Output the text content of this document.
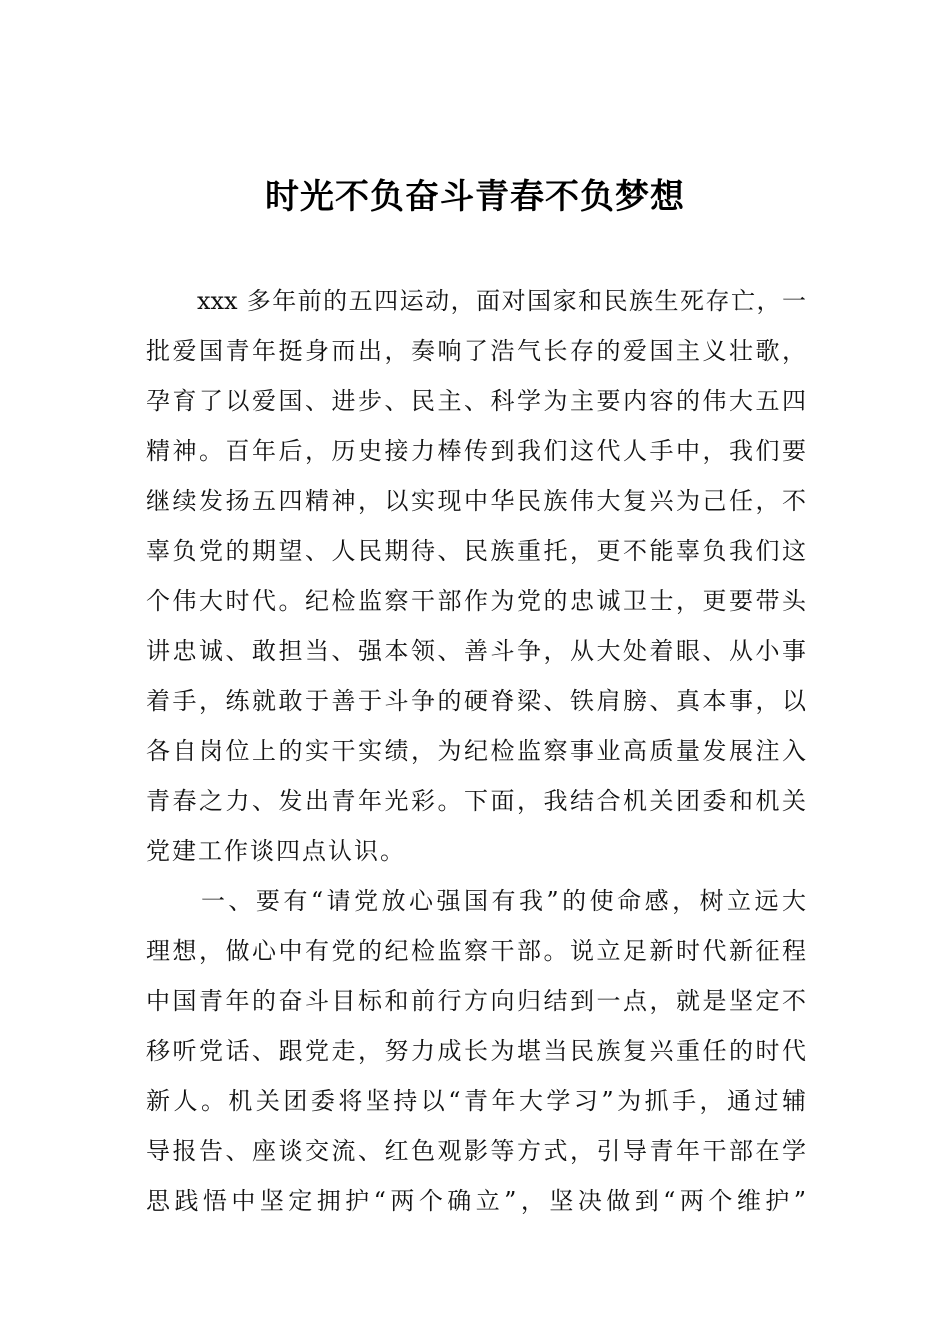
时光不负奋斗青春不负梦想
　　xxx 多年前的五四运动，面对国家和民族生死存亡，一
批爱国青年挺身而出，奏响了浩气长存的爱国主义壮歌，
孕育了以爱国、进步、民主、科学为主要内容的伟大五四
精神。百年后，历史接力棒传到我们这代人手中，我们要
继续发扬五四精神，以实现中华民族伟大复兴为己任，不
辜负党的期望、人民期待、民族重托，更不能辜负我们这
个伟大时代。纪检监察干部作为党的忠诚卫士，更要带头
讲忠诚、敢担当、强本领、善斗争，从大处着眼、从小事
着手，练就敢于善于斗争的硬脊梁、铁肩膀、真本事，以
各自岗位上的实干实绩，为纪检监察事业高质量发展注入
青春之力、发出青年光彩。下面，我结合机关团委和机关
党建工作谈四点认识。
　　一、要有“请党放心强国有我”的使命感，树立远大
理想，做心中有党的纪检监察干部。说立足新时代新征程
中国青年的奋斗目标和前行方向归结到一点，就是坚定不
移听党话、跟党走，努力成长为堪当民族复兴重任的时代
新人。机关团委将坚持以“青年大学习”为抓手，通过辅
导报告、座谈交流、红色观影等方式，引导青年干部在学
思践悟中坚定拥护“两个确立”，坚决做到“两个维护”
